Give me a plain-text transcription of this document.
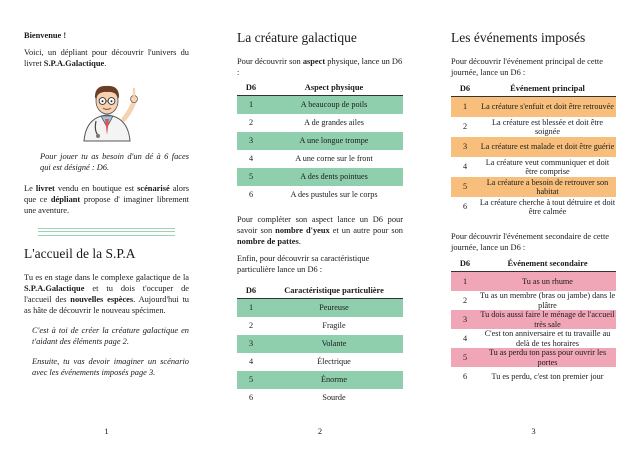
Bienvenue !

Voici, un dépliant pour découvrir l'univers du livret S.P.A.Galactique.

Pour jouer tu as besoin d'un dé à 6 faces qui est désigné : D6.

Le livret vendu en boutique est scénarisé alors que ce dépliant propose d' imaginer librement une aventure.

L'accueil de la S.P.A

Tu es en stage dans le complexe galactique de la S.P.A.Galactique et tu dois t'occuper de l'accueil des nouvelles espèces. Aujourd'hui tu as hâte de découvrir le nouveau spécimen.

C'est à toi de créer la créature galactique en t'aidant des éléments page 2.

Ensuite, tu vas devoir imaginer un scénario avec les événements imposés page 3.

1
La créature galactique

Pour découvrir son aspect physique, lance un D6 :

D6	Aspect physique
1	A beaucoup de poils
2	A de grandes ailes
3	A une longue trompe
4	A une corne sur le front
5	A des dents pointues
6	A des pustules sur le corps

Pour compléter son aspect lance un D6 pour savoir son nombre d'yeux et un autre pour son nombre de pattes.

Enfin, pour découvrir sa caractéristique particulière lance un D6 :

D6	Caractéristique particulière
1	Peureuse
2	Fragile
3	Volante
4	Électrique
5	Énorme
6	Sourde
2
Les événements imposés

Pour découvrir l'événement principal de cette journée, lance un D6 :

D6	Événement principal
1	La créature s'enfuit et doit être retrouvée
2	La créature est blessée et doit être soignée
3	La créature est malade et doit être guérie
4	La créature veut communiquer et doit être comprise
5	La créature a besoin de retrouver son habitat
6	La créature cherche à tout détruire et doit être calmée

Pour découvrir l'événement secondaire de cette journée, lance un D6 :

D6	Événement secondaire
1	Tu as un rhume
2	Tu as un membre (bras ou jambe) dans le plâtre
3	Tu dois aussi faire le ménage de l'accueil très sale
4	C'est ton anniversaire et tu travaille au delà de tes horaires
5	Tu as perdu ton pass pour ouvrir les portes
6	Tu es perdu, c'est ton premier jour
3
